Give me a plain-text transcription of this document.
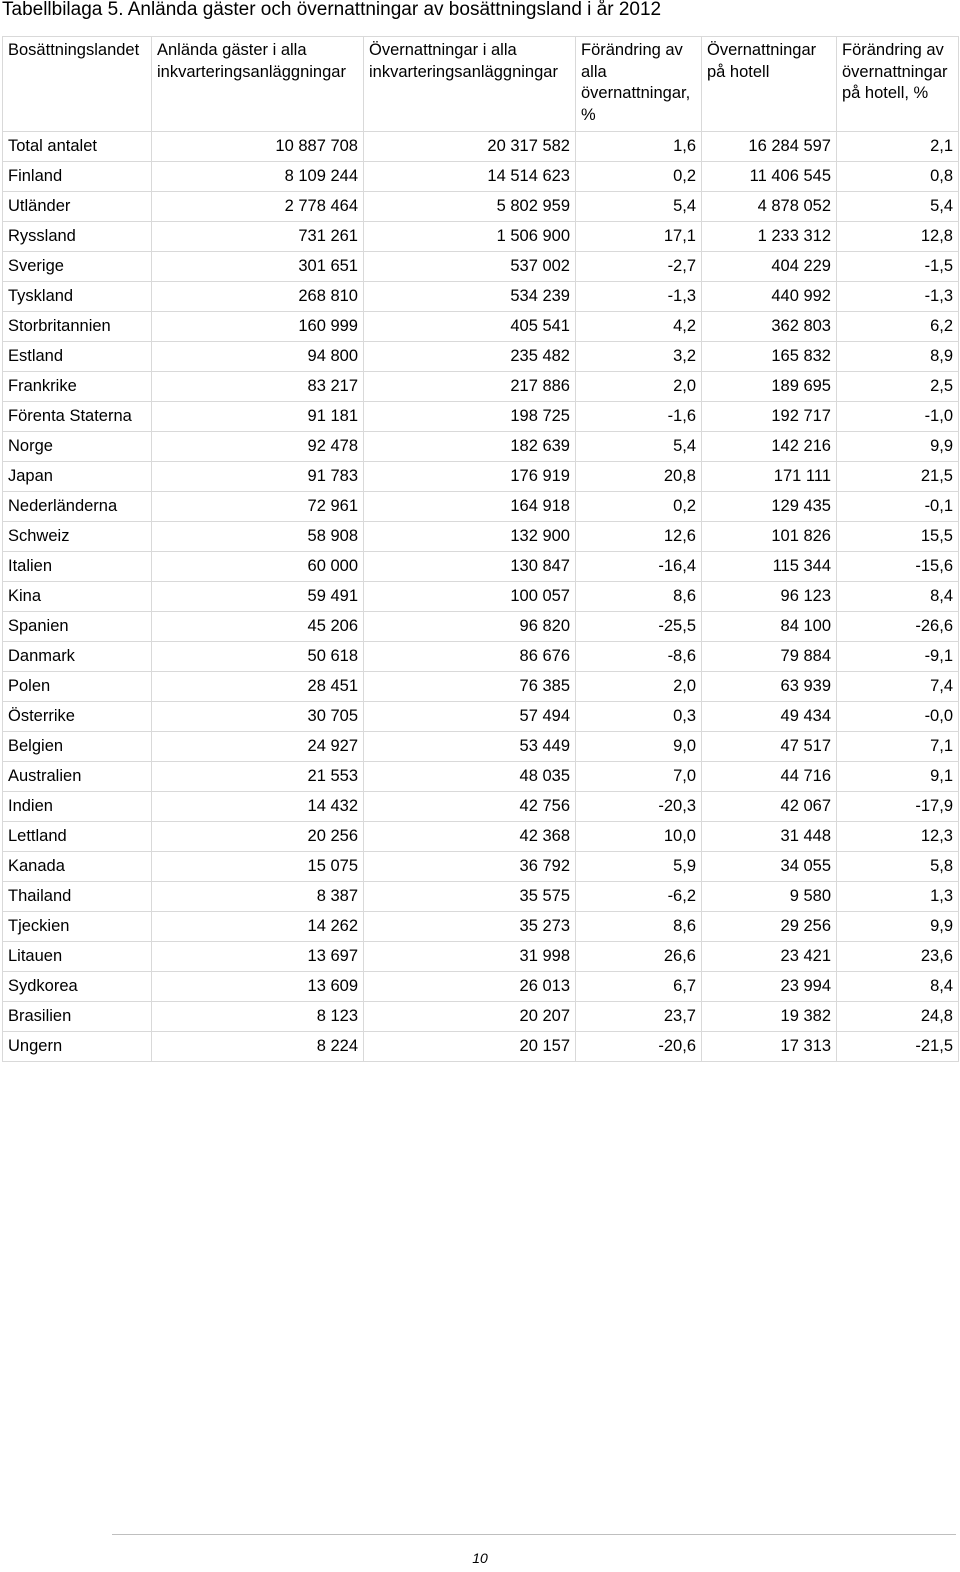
Tabellbilaga 5. Anlända gäster och övernattningar av bosättningsland i år 2012
Bosättningslandet	Anlända gäster i alla inkvarteringsanläggningar	Övernattningar i alla inkvarteringsanläggningar	Förändring av alla övernattningar, %	Övernattningar på hotell	Förändring av övernattningar på hotell, %
Total antalet	10 887 708	20 317 582	1,6	16 284 597	2,1
Finland	8 109 244	14 514 623	0,2	11 406 545	0,8
Utländer	2 778 464	5 802 959	5,4	4 878 052	5,4
Ryssland	731 261	1 506 900	17,1	1 233 312	12,8
Sverige	301 651	537 002	-2,7	404 229	-1,5
Tyskland	268 810	534 239	-1,3	440 992	-1,3
Storbritannien	160 999	405 541	4,2	362 803	6,2
Estland	94 800	235 482	3,2	165 832	8,9
Frankrike	83 217	217 886	2,0	189 695	2,5
Förenta Staterna	91 181	198 725	-1,6	192 717	-1,0
Norge	92 478	182 639	5,4	142 216	9,9
Japan	91 783	176 919	20,8	171 111	21,5
Nederländerna	72 961	164 918	0,2	129 435	-0,1
Schweiz	58 908	132 900	12,6	101 826	15,5
Italien	60 000	130 847	-16,4	115 344	-15,6
Kina	59 491	100 057	8,6	96 123	8,4
Spanien	45 206	96 820	-25,5	84 100	-26,6
Danmark	50 618	86 676	-8,6	79 884	-9,1
Polen	28 451	76 385	2,0	63 939	7,4
Österrike	30 705	57 494	0,3	49 434	-0,0
Belgien	24 927	53 449	9,0	47 517	7,1
Australien	21 553	48 035	7,0	44 716	9,1
Indien	14 432	42 756	-20,3	42 067	-17,9
Lettland	20 256	42 368	10,0	31 448	12,3
Kanada	15 075	36 792	5,9	34 055	5,8
Thailand	8 387	35 575	-6,2	9 580	1,3
Tjeckien	14 262	35 273	8,6	29 256	9,9
Litauen	13 697	31 998	26,6	23 421	23,6
Sydkorea	13 609	26 013	6,7	23 994	8,4
Brasilien	8 123	20 207	23,7	19 382	24,8
Ungern	8 224	20 157	-20,6	17 313	-21,5
10
